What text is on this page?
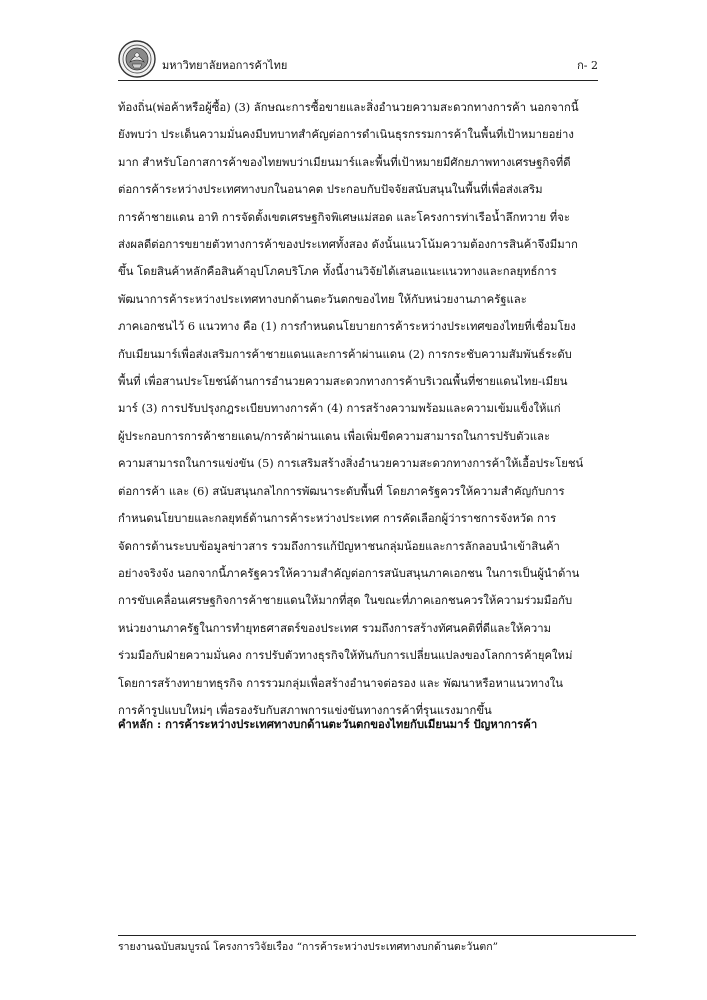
มหาวิทยาลัยหอการค้าไทย	ก- 2
ท้องถิ่น(พ่อค้าหรือผู้ซื้อ) (3) ลักษณะการซื้อขายและสิ่งอำนวยความสะดวกทางการค้า นอกจากนี้
ยังพบว่า ประเด็นความมั่นคงมีบทบาทสำคัญต่อการดำเนินธุรกรรมการค้าในพื้นที่เป้าหมายอย่าง
มาก สำหรับโอกาสการค้าของไทยพบว่าเมียนมาร์และพื้นที่เป้าหมายมีศักยภาพทางเศรษฐกิจที่ดี
ต่อการค้าระหว่างประเทศทางบกในอนาคต ประกอบกับปัจจัยสนับสนุนในพื้นที่เพื่อส่งเสริม
การค้าชายแดน อาทิ การจัดตั้งเขตเศรษฐกิจพิเศษแม่สอด และโครงการท่าเรือน้ำลึกทวาย ที่จะ
ส่งผลดีต่อการขยายตัวทางการค้าของประเทศทั้งสอง ดังนั้นแนวโน้มความต้องการสินค้าจึงมีมาก
ขึ้น โดยสินค้าหลักคือสินค้าอุปโภคบริโภค ทั้งนี้งานวิจัยได้เสนอแนะแนวทางและกลยุทธ์การ
พัฒนาการค้าระหว่างประเทศทางบกด้านตะวันตกของไทย ให้กับหน่วยงานภาครัฐและ
ภาคเอกชนไว้ 6 แนวทาง คือ (1) การกำหนดนโยบายการค้าระหว่างประเทศของไทยที่เชื่อมโยง
กับเมียนมาร์เพื่อส่งเสริมการค้าชายแดนและการค้าผ่านแดน (2) การกระชับความสัมพันธ์ระดับ
พื้นที่ เพื่อสานประโยชน์ด้านการอำนวยความสะดวกทางการค้าบริเวณพื้นที่ชายแดนไทย-เมียน
มาร์ (3) การปรับปรุงกฎระเบียบทางการค้า (4) การสร้างความพร้อมและความเข้มแข็งให้แก่
ผู้ประกอบการการค้าชายแดน/การค้าผ่านแดน เพื่อเพิ่มขีดความสามารถในการปรับตัวและ
ความสามารถในการแข่งขัน (5) การเสริมสร้างสิ่งอำนวยความสะดวกทางการค้าให้เอื้อประโยชน์
ต่อการค้า และ (6) สนับสนุนกลไกการพัฒนาระดับพื้นที่ โดยภาครัฐควรให้ความสำคัญกับการ
กำหนดนโยบายและกลยุทธ์ด้านการค้าระหว่างประเทศ การคัดเลือกผู้ว่าราชการจังหวัด การ
จัดการด้านระบบข้อมูลข่าวสาร รวมถึงการแก้ปัญหาชนกลุ่มน้อยและการลักลอบนำเข้าสินค้า
อย่างจริงจัง นอกจากนี้ภาครัฐควรให้ความสำคัญต่อการสนับสนุนภาคเอกชน ในการเป็นผู้นำด้าน
การขับเคลื่อนเศรษฐกิจการค้าชายแดนให้มากที่สุด ในขณะที่ภาคเอกชนควรให้ความร่วมมือกับ
หน่วยงานภาครัฐในการทำยุทธศาสตร์ของประเทศ รวมถึงการสร้างทัศนคติที่ดีและให้ความ
ร่วมมือกับฝ่ายความมั่นคง การปรับตัวทางธุรกิจให้ทันกับการเปลี่ยนแปลงของโลกการค้ายุคใหม่
โดยการสร้างทายาทธุรกิจ การรวมกลุ่มเพื่อสร้างอำนาจต่อรอง และ พัฒนาหรือหาแนวทางใน
การค้ารูปแบบใหม่ๆ เพื่อรองรับกับสภาพการแข่งขันทางการค้าที่รุนแรงมากขึ้น
คำหลัก : การค้าระหว่างประเทศทางบกด้านตะวันตกของไทยกับเมียนมาร์ ปัญหาการค้า
รายงานฉบับสมบูรณ์ โครงการวิจัยเรื่อง “การค้าระหว่างประเทศทางบกด้านตะวันตก”
